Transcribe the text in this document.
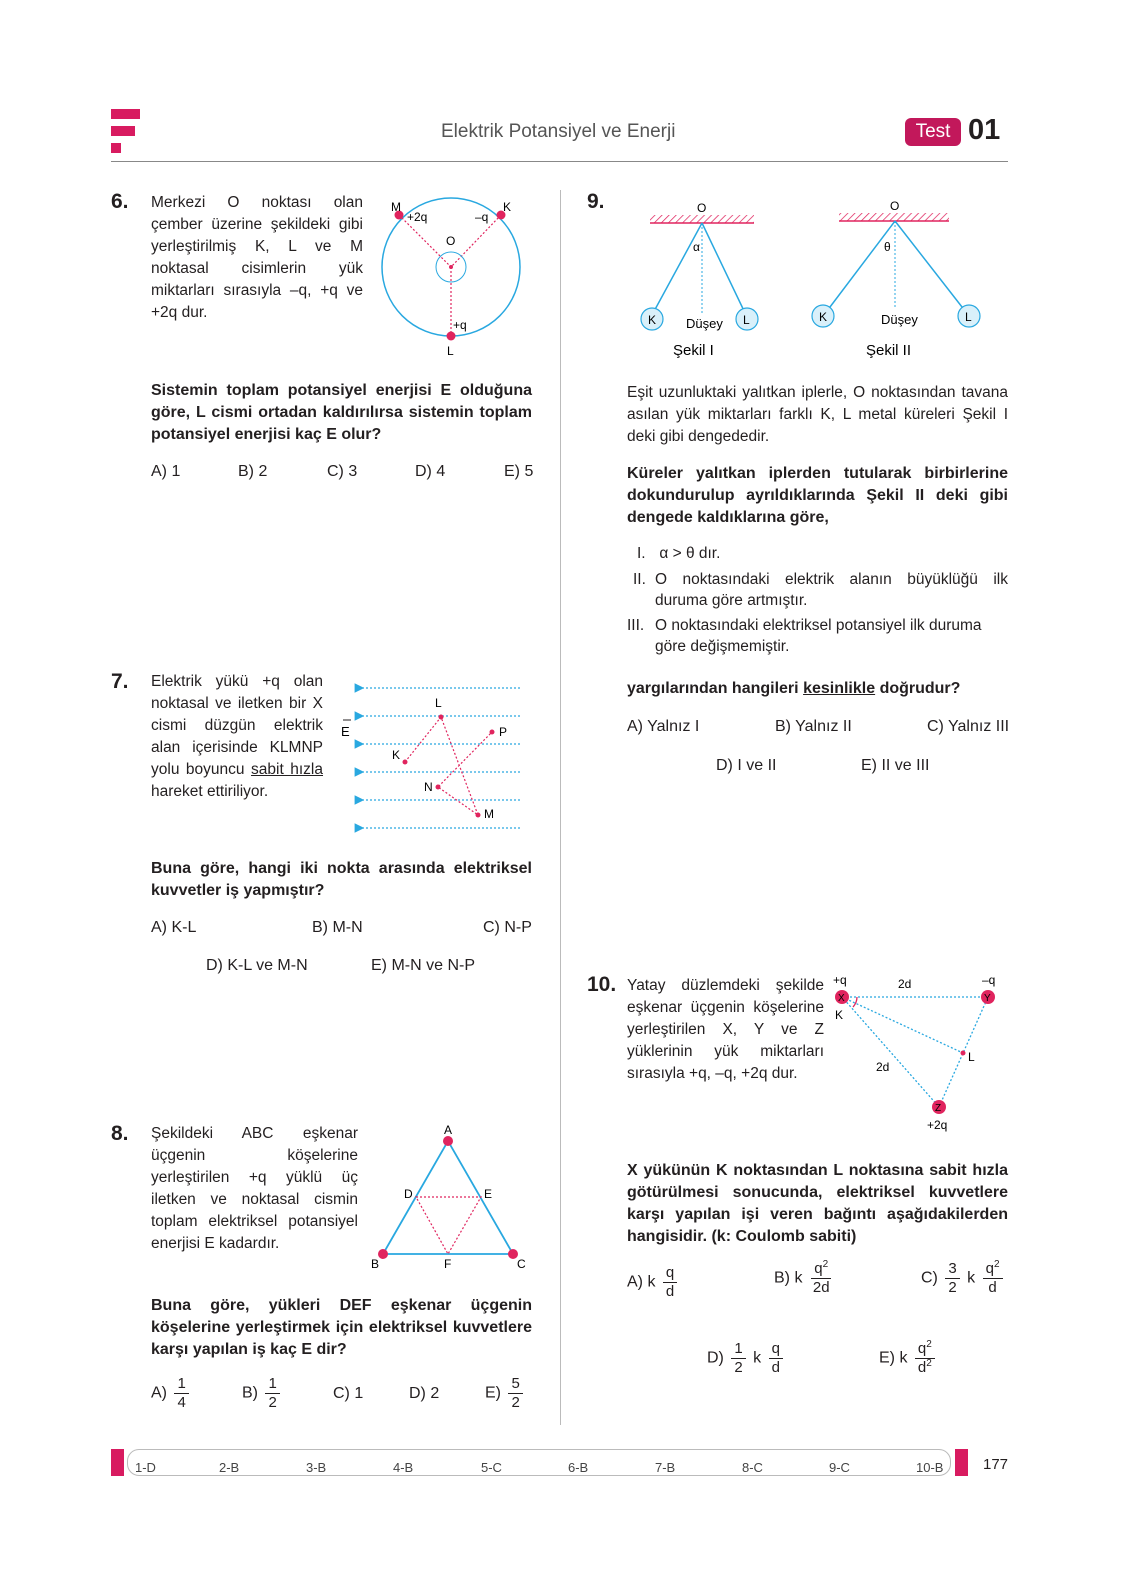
Elektrik Potansiyel ve Enerji	Test 01
6. Merkezi O noktası olan çember üzerine şekildeki gibi yerleştirilmiş K, L ve M noktasal cisimlerin yük miktarları sırasıyla –q, +q ve +2q dur.
M
+2q
K
–q
O
+q
L
Sistemin toplam potansiyel enerjisi E olduğuna göre, L cismi ortadan kaldırılırsa sistemin toplam potansiyel enerjisi kaç E olur?
A) 1	B) 2	C) 3	D) 4	E) 5
7. Elektrik yükü +q olan noktasal ve iletken bir X cismi düzgün elektrik alan içerisinde KLMNP yolu boyuncu sabit hızla hareket ettiriliyor.
E
K
L
M
N
P
Buna göre, hangi iki nokta arasında elektriksel kuvvetler iş yapmıştır?
A) K-L	B) M-N	C) N-P
D) K-L ve M-N	E) M-N ve N-P
8. Şekildeki ABC eşkenar üçgenin köşelerine yerleştirilen +q yüklü üç iletken ve noktasal cismin toplam elektriksel potansiyel enerjisi E kadardır.
A
B	C
D	E
F
Buna göre, yükleri DEF eşkenar üçgenin köşelerine yerleştirmek için elektriksel kuvvetlere karşı yapılan iş kaç E dir?
$A) \frac{1}{4}$	$B) \frac{1}{2}$	C) 1	D) 2	$E) \frac{5}{2}$
9.	O
α
K	L
Düşey
Şekil I
O
θ
K	L
Düşey
Şekil II
Eşit uzunluktaki yalıtkan iplerle, O noktasından tavana asılan yük miktarları farklı K, L metal küreleri Şekil I deki gibi dengededir.
Küreler yalıtkan iplerden tutularak birbirlerine dokundurulup ayrıldıklarında Şekil II deki gibi dengede kaldıklarına göre,
I. α > θ dır.
II. O noktasındaki elektrik alanın büyüklüğü ilk duruma göre artmıştır.
III. O noktasındaki elektriksel potansiyel ilk duruma göre değişmemiştir.
yargılarından hangileri kesinlikle doğrudur?
A) Yalnız I	B) Yalnız II	C) Yalnız III
D) I ve II	E) II ve III
10. Yatay düzlemdeki şekilde eşkenar üçgenin köşelerine yerleştirilen X, Y ve Z yüklerinin yük miktarları sırasıyla +q, –q, +2q dur.
X	Y
Z
+q	–q
+2q
K
L
2d
2d
X yükünün K noktasından L noktasına sabit hızla götürülmesi sonucunda, elektriksel kuvvetlere karşı yapılan işi veren bağıntı aşağıdakilerden hangisidir. (k: Coulomb sabiti)
A) k $\frac{q}{d}$	B) k $\frac{q^2}{2d}$	$C) \frac{3}{2}$ k $\frac{q^2}{d}$
$D) \frac{1}{2}$ k $\frac{q}{d}$	E) k $\frac{q^2}{d^2}$
1-D	2-B	3-B	4-B	5-C	6-B	7-B	8-C	9-C	10-B	177
